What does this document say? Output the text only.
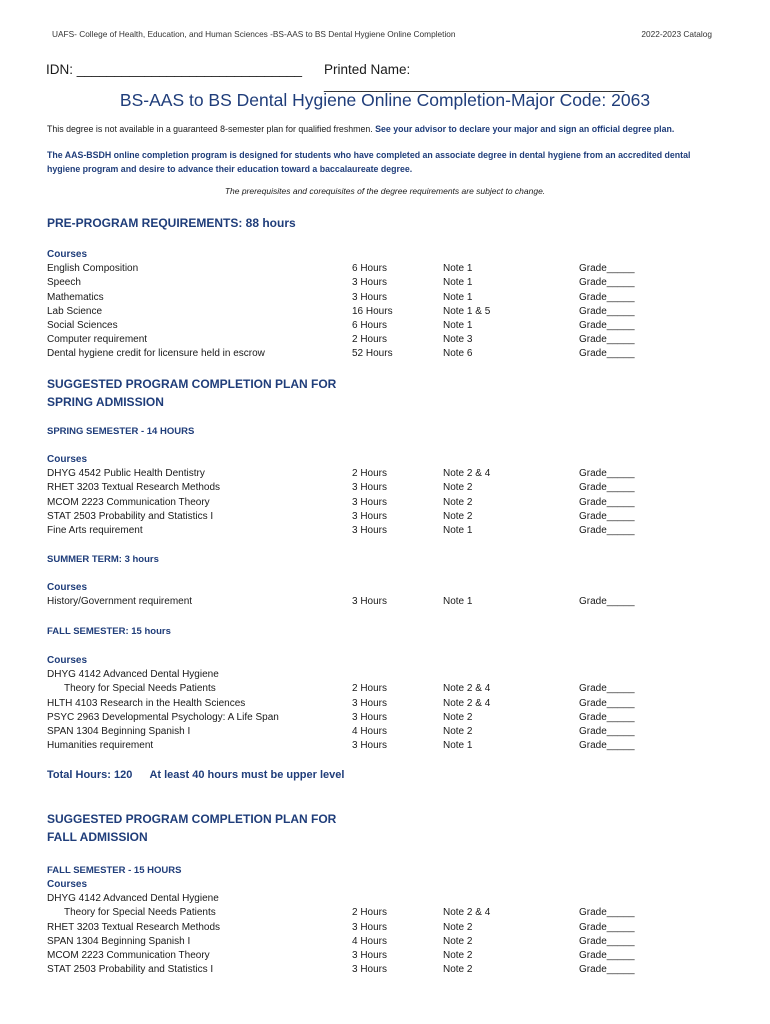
UAFS- College of Health, Education, and Human Sciences -BS-AAS to BS Dental Hygiene Online Completion	2022-2023 Catalog
IDN: ______________________________ Printed Name: ________________________________________
BS-AAS to BS Dental Hygiene Online Completion-Major Code: 2063

This degree is not available in a guaranteed 8-semester plan for qualified freshmen. See your advisor to declare your major and sign an official degree plan.

The AAS-BSDH online completion program is designed for students who have completed an associate degree in dental hygiene from an accredited dental hygiene program and desire to advance their education toward a baccalaureate degree.

The prerequisites and corequisites of the degree requirements are subject to change.

PRE-PROGRAM REQUIREMENTS: 88 hours

Courses
English Composition	6 Hours	Note 1	Grade_____
Speech	3 Hours	Note 1	Grade_____
Mathematics	3 Hours	Note 1	Grade_____
Lab Science	16 Hours	Note 1 & 5	Grade_____
Social Sciences	6 Hours	Note 1	Grade_____
Computer requirement	2 Hours	Note 3	Grade_____
Dental hygiene credit for licensure held in escrow	52 Hours	Note 6	Grade_____

SUGGESTED PROGRAM COMPLETION PLAN FOR
SPRING ADMISSION

SPRING SEMESTER - 14 HOURS

Courses
DHYG 4542 Public Health Dentistry	2 Hours	Note 2 & 4	Grade_____
RHET 3203 Textual Research Methods	3 Hours	Note 2	Grade_____
MCOM 2223 Communication Theory	3 Hours	Note 2	Grade_____
STAT 2503 Probability and Statistics I	3 Hours	Note 2	Grade_____
Fine Arts requirement	3 Hours	Note 1	Grade_____

SUMMER TERM: 3 hours

Courses
History/Government requirement	3 Hours	Note 1	Grade_____

FALL SEMESTER: 15 hours

Courses
DHYG 4142 Advanced Dental Hygiene
Theory for Special Needs Patients	2 Hours	Note 2 & 4	Grade_____
HLTH 4103 Research in the Health Sciences	3 Hours	Note 2 & 4	Grade_____
PSYC 2963 Developmental Psychology: A Life Span	3 Hours	Note 2	Grade_____
SPAN 1304 Beginning Spanish I	4 Hours	Note 2	Grade_____
Humanities requirement	3 Hours	Note 1	Grade_____
Total Hours: 120 At least 40 hours must be upper level

SUGGESTED PROGRAM COMPLETION PLAN FOR
FALL ADMISSION

FALL SEMESTER - 15 HOURS

Courses
DHYG 4142 Advanced Dental Hygiene
Theory for Special Needs Patients	2 Hours	Note 2 & 4	Grade_____
RHET 3203 Textual Research Methods	3 Hours	Note 2	Grade_____
SPAN 1304 Beginning Spanish I	4 Hours	Note 2	Grade_____
MCOM 2223 Communication Theory	3 Hours	Note 2	Grade_____
STAT 2503 Probability and Statistics I	3 Hours	Note 2	Grade_____
